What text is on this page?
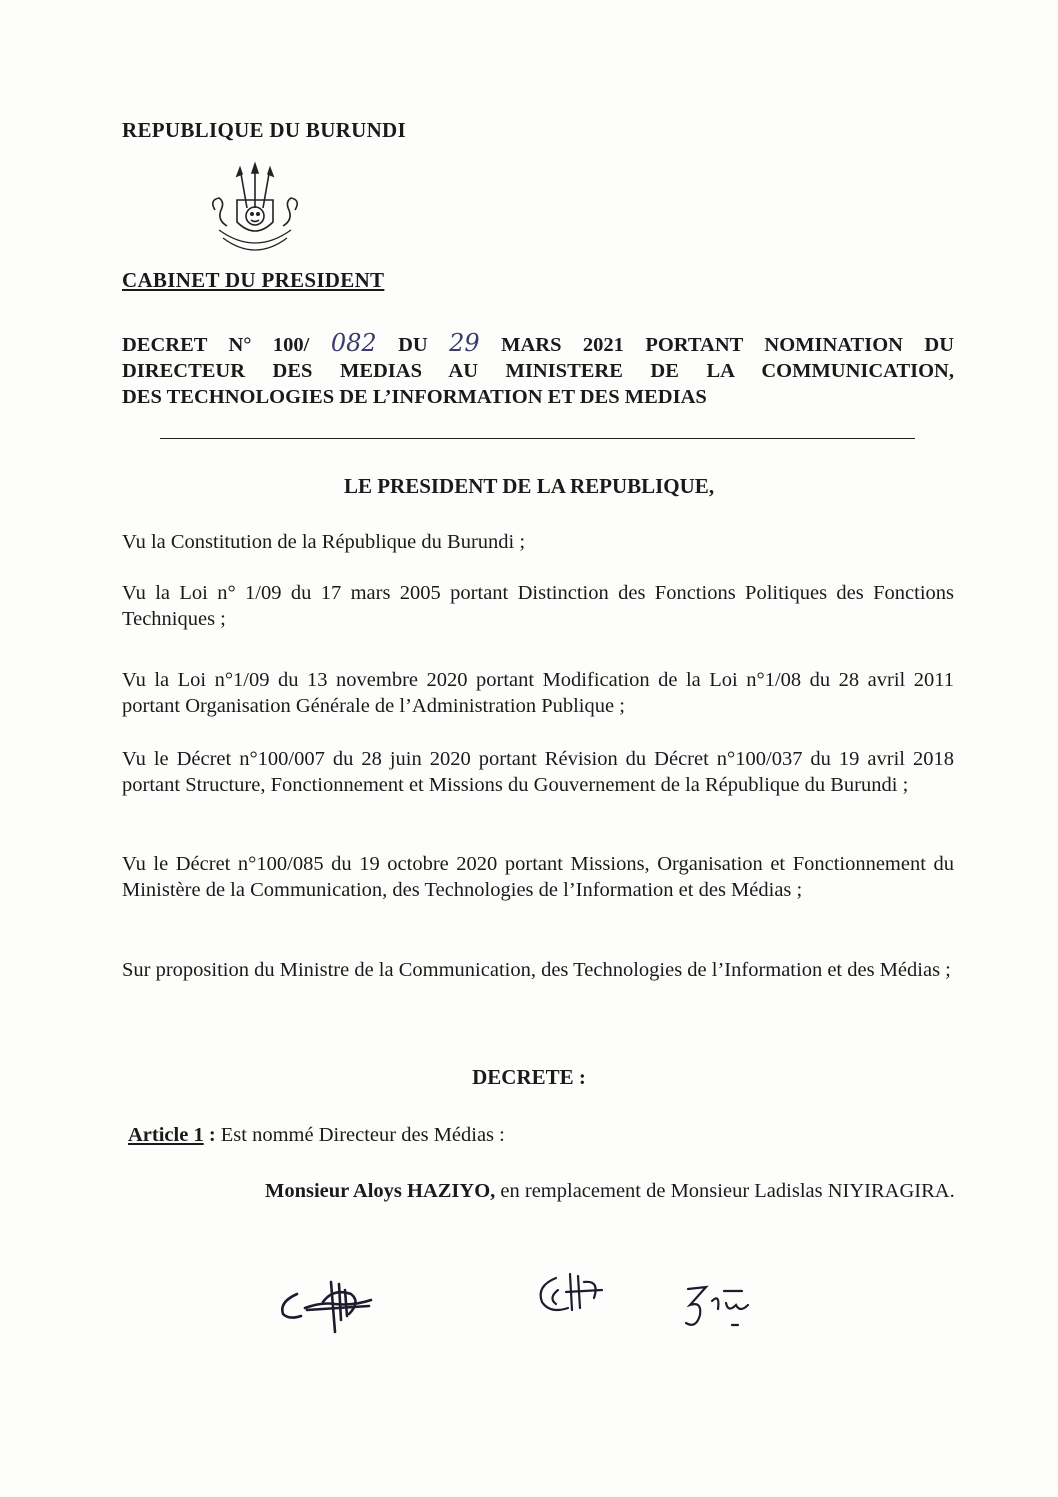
REPUBLIQUE DU BURUNDI
CABINET DU PRESIDENT
DECRET N° 100/ 082 DU 29 MARS 2021 PORTANT NOMINATION DU
DIRECTEUR DES MEDIAS AU MINISTERE DE LA COMMUNICATION,
DES TECHNOLOGIES DE L’INFORMATION ET DES MEDIAS
LE PRESIDENT DE LA REPUBLIQUE,
Vu la Constitution de la République du Burundi ;
Vu la Loi n° 1/09 du 17 mars 2005 portant Distinction des Fonctions Politiques des Fonctions Techniques ;
Vu la Loi n°1/09 du 13 novembre 2020 portant Modification de la Loi n°1/08 du 28 avril 2011 portant Organisation Générale de l’Administration Publique ;
Vu le Décret n°100/007 du 28 juin 2020 portant Révision du Décret n°100/037 du 19 avril 2018 portant Structure, Fonctionnement et Missions du Gouvernement de la République du Burundi ;
Vu le Décret n°100/085 du 19 octobre 2020 portant Missions, Organisation et Fonctionnement du Ministère de la Communication, des Technologies de l’Information et des Médias ;
Sur proposition du Ministre de la Communication, des Technologies de l’Information et des Médias ;
DECRETE :
Article 1 : Est nommé Directeur des Médias :
Monsieur Aloys HAZIYO, en remplacement de Monsieur Ladislas NIYIRAGIRA.
